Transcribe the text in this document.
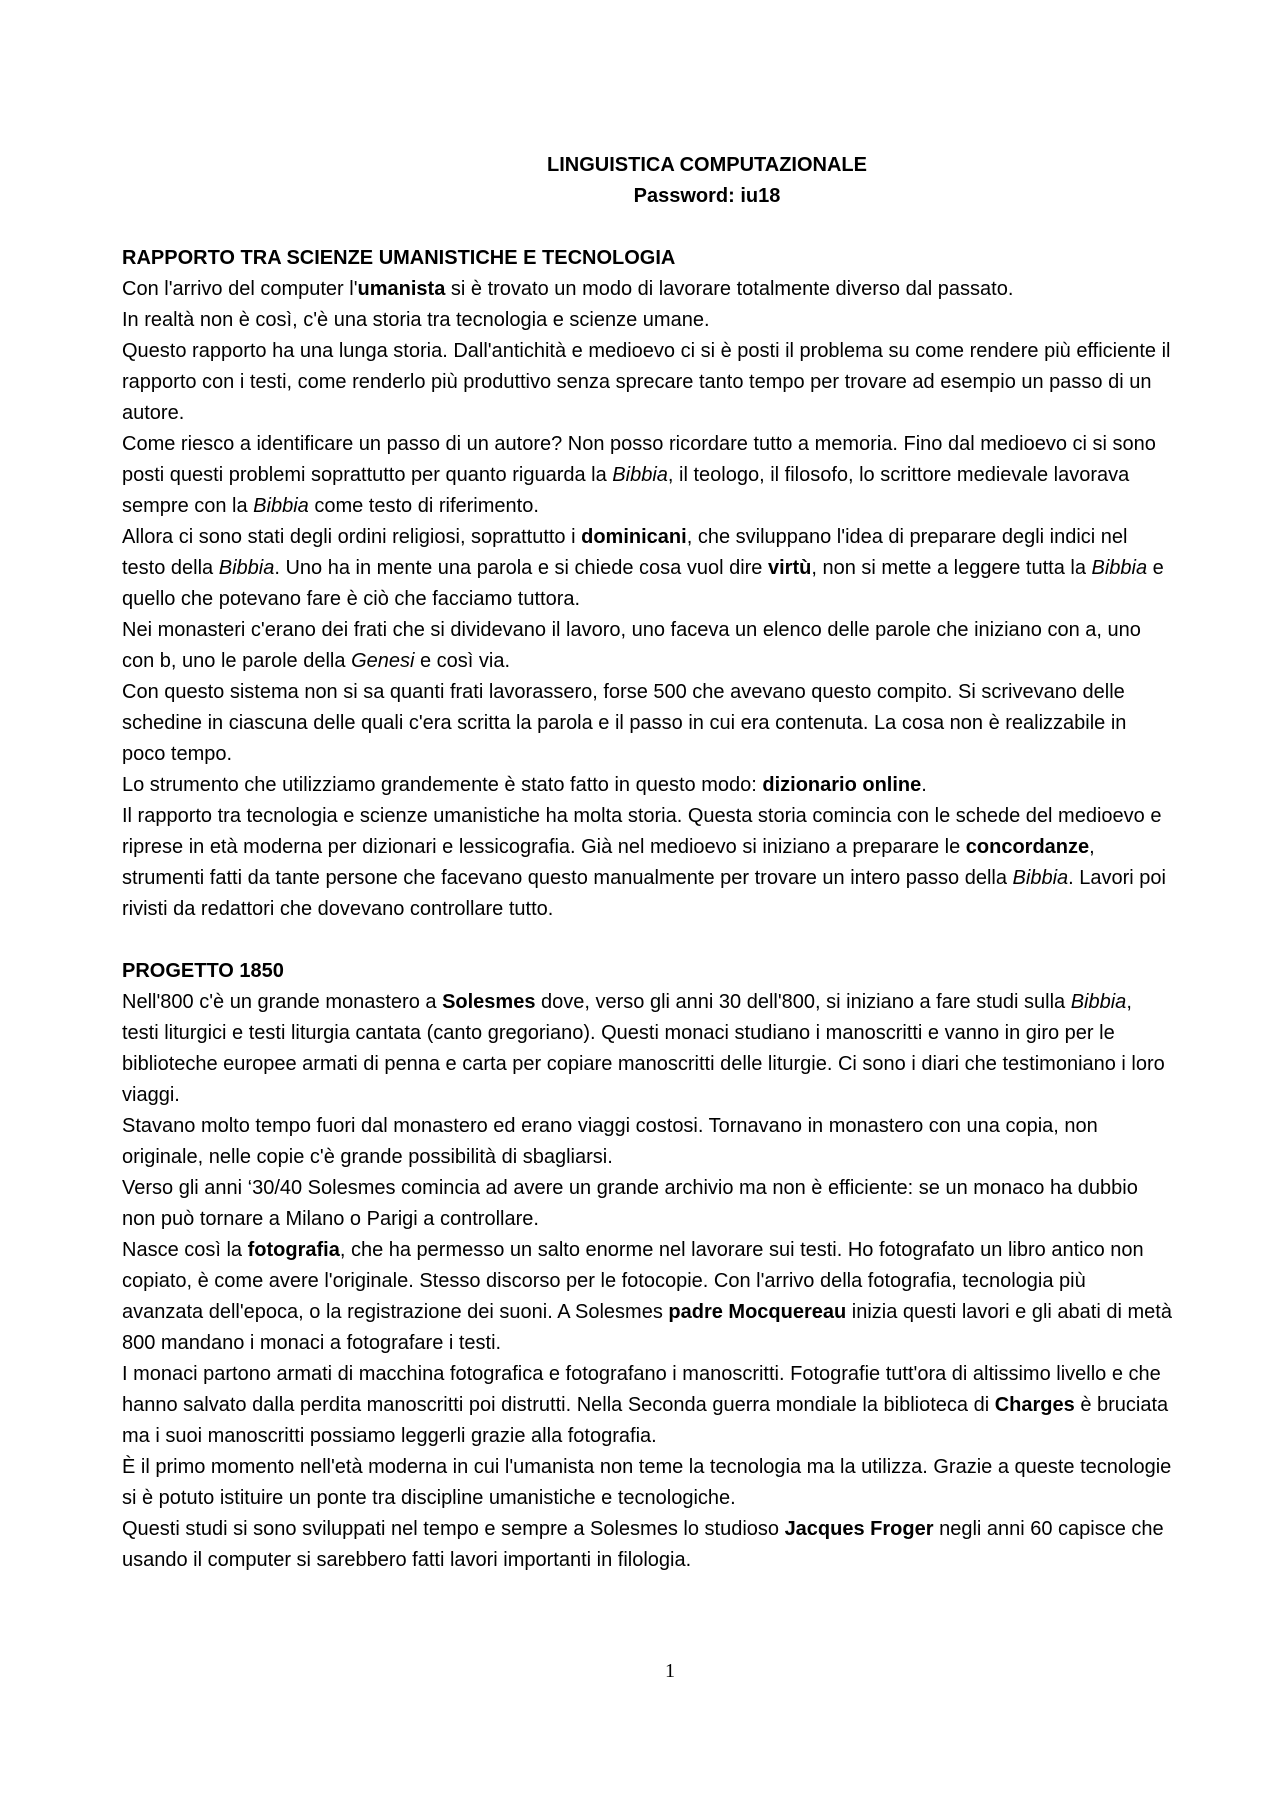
LINGUISTICA COMPUTAZIONALE
Password: iu18

RAPPORTO TRA SCIENZE UMANISTICHE E TECNOLOGIA

Con l'arrivo del computer l'umanista si è trovato un modo di lavorare totalmente diverso dal passato.

In realtà non è così, c'è una storia tra tecnologia e scienze umane.

Questo rapporto ha una lunga storia. Dall'antichità e medioevo ci si è posti il problema su come rendere più efficiente il rapporto con i testi, come renderlo più produttivo senza sprecare tanto tempo per trovare ad esempio un passo di un autore.

Come riesco a identificare un passo di un autore? Non posso ricordare tutto a memoria. Fino dal medioevo ci si sono posti questi problemi soprattutto per quanto riguarda la Bibbia, il teologo, il filosofo, lo scrittore medievale lavorava sempre con la Bibbia come testo di riferimento.

Allora ci sono stati degli ordini religiosi, soprattutto i dominicani, che sviluppano l'idea di preparare degli indici nel testo della Bibbia. Uno ha in mente una parola e si chiede cosa vuol dire virtù, non si mette a leggere tutta la Bibbia e quello che potevano fare è ciò che facciamo tuttora.

Nei monasteri c'erano dei frati che si dividevano il lavoro, uno faceva un elenco delle parole che iniziano con a, uno con b, uno le parole della Genesi e così via.

Con questo sistema non si sa quanti frati lavorassero, forse 500 che avevano questo compito. Si scrivevano delle schedine in ciascuna delle quali c'era scritta la parola e il passo in cui era contenuta. La cosa non è realizzabile in poco tempo.

Lo strumento che utilizziamo grandemente è stato fatto in questo modo: dizionario online.

Il rapporto tra tecnologia e scienze umanistiche ha molta storia. Questa storia comincia con le schede del medioevo e riprese in età moderna per dizionari e lessicografia. Già nel medioevo si iniziano a preparare le concordanze, strumenti fatti da tante persone che facevano questo manualmente per trovare un intero passo della Bibbia. Lavori poi rivisti da redattori che dovevano controllare tutto.

PROGETTO 1850

Nell'800 c'è un grande monastero a Solesmes dove, verso gli anni 30 dell'800, si iniziano a fare studi sulla Bibbia, testi liturgici e testi liturgia cantata (canto gregoriano). Questi monaci studiano i manoscritti e vanno in giro per le biblioteche europee armati di penna e carta per copiare manoscritti delle liturgie. Ci sono i diari che testimoniano i loro viaggi.

Stavano molto tempo fuori dal monastero ed erano viaggi costosi. Tornavano in monastero con una copia, non originale, nelle copie c'è grande possibilità di sbagliarsi.

Verso gli anni ‘30/40 Solesmes comincia ad avere un grande archivio ma non è efficiente: se un monaco ha dubbio non può tornare a Milano o Parigi a controllare.

Nasce così la fotografia, che ha permesso un salto enorme nel lavorare sui testi. Ho fotografato un libro antico non copiato, è come avere l'originale. Stesso discorso per le fotocopie. Con l'arrivo della fotografia, tecnologia più avanzata dell'epoca, o la registrazione dei suoni. A Solesmes padre Mocquereau inizia questi lavori e gli abati di metà 800 mandano i monaci a fotografare i testi.

I monaci partono armati di macchina fotografica e fotografano i manoscritti. Fotografie tutt'ora di altissimo livello e che hanno salvato dalla perdita manoscritti poi distrutti. Nella Seconda guerra mondiale la biblioteca di Charges è bruciata ma i suoi manoscritti possiamo leggerli grazie alla fotografia.

È il primo momento nell'età moderna in cui l'umanista non teme la tecnologia ma la utilizza. Grazie a queste tecnologie si è potuto istituire un ponte tra discipline umanistiche e tecnologiche.

Questi studi si sono sviluppati nel tempo e sempre a Solesmes lo studioso Jacques Froger negli anni 60 capisce che usando il computer si sarebbero fatti lavori importanti in filologia.

1
